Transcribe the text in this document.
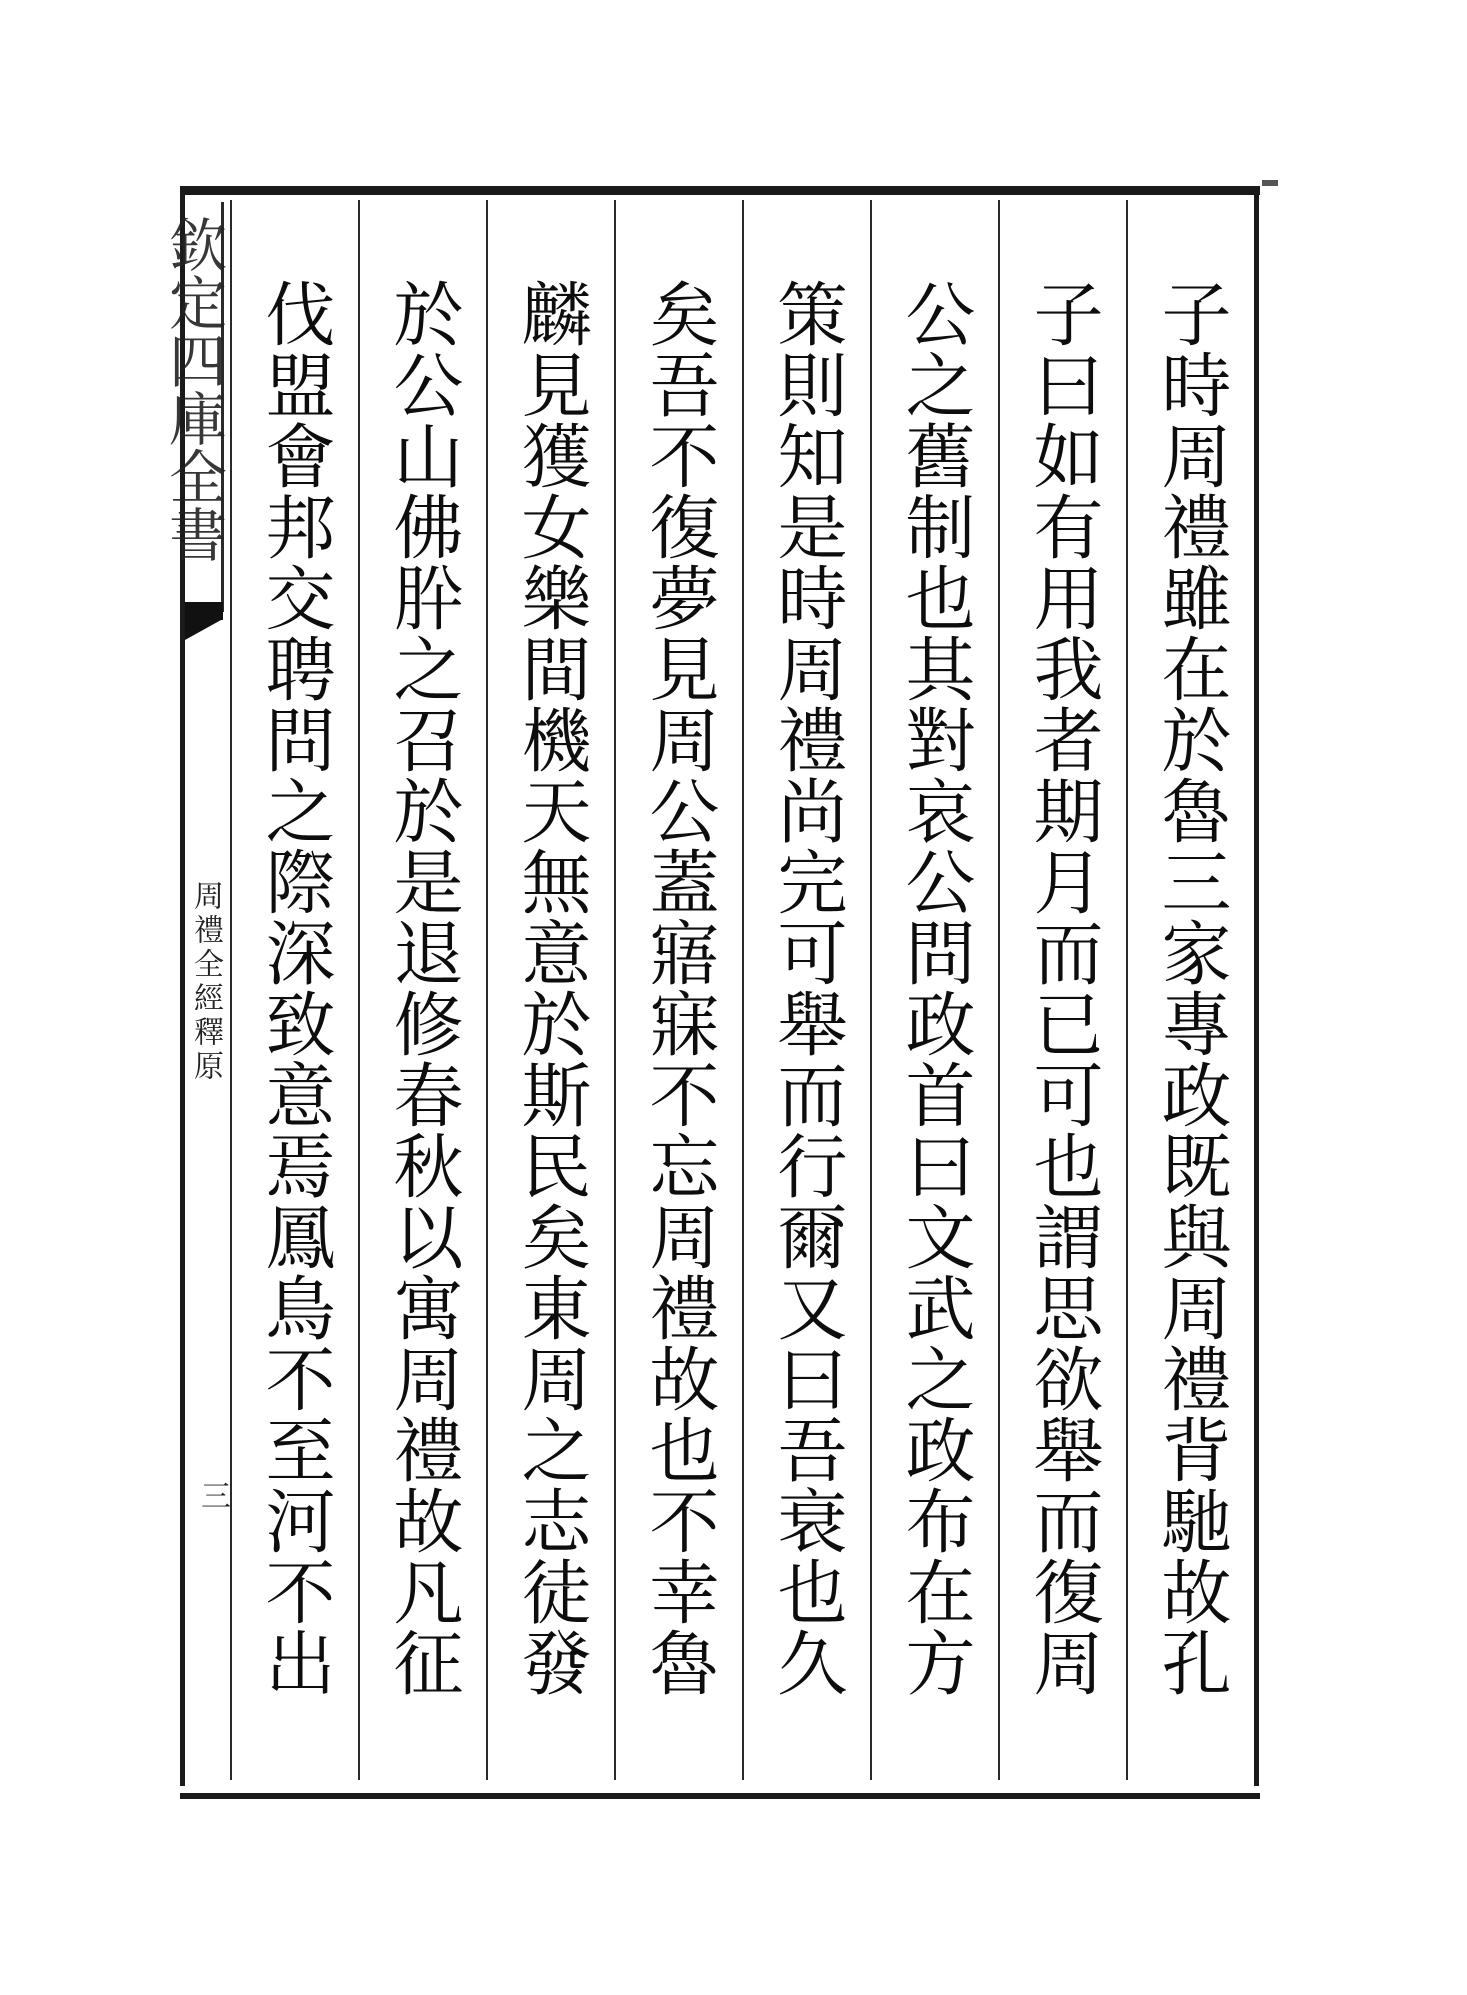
欽定四庫全書
周禮全經釋原
三	子時周禮雖在於魯三家專政既與周禮背馳故孔
子曰如有用我者期月而已可也謂思欲舉而復周
公之舊制也其對哀公問政首曰文武之政布在方
策則知是時周禮尚完可舉而行爾又曰吾衰也久
矣吾不復夢見周公蓋寤寐不忘周禮故也不幸魯
麟見獲女樂間機天無意於斯民矣東周之志徒發
於公山佛肸之召於是退修春秋以寓周禮故凡征
伐盟會邦交聘問之際深致意焉鳳鳥不至河不出
